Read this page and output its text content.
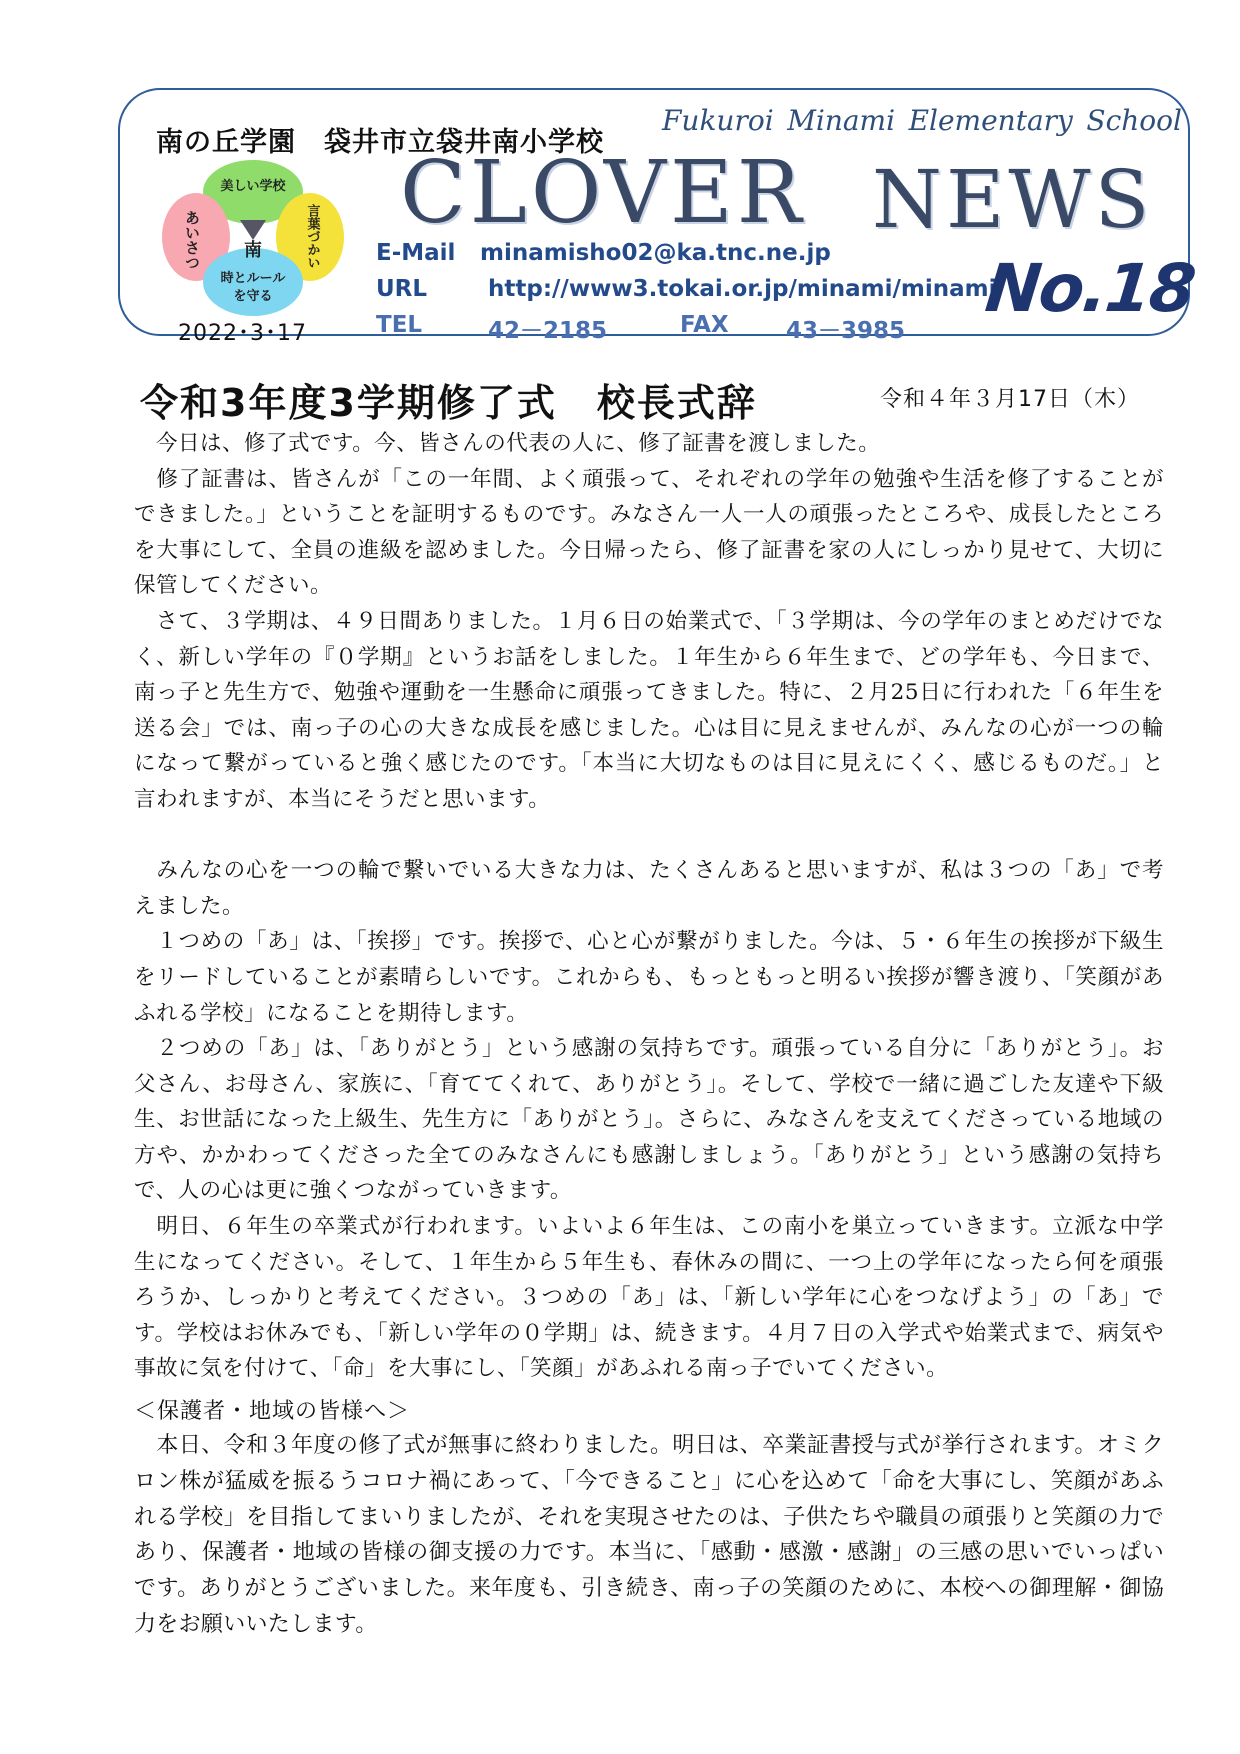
南の丘学園　袋井市立袋井南小学校
Fukuroi Minami Elementary School
CLOVER NEWS
南
美しい学校
あいさつ	言葉づかい
時とルール
を守る
E-Mail minamisho02@ka.tnc.ne.jp
URL	http://www3.tokai.or.jp/minami/minami
TEL	42－2185	FAX 43－3985
No.18
2022･3･17
令和3年度3学期修了式　校長式辞	令和４年３月17日（木）

　今日は、修了式です。今、皆さんの代表の人に、修了証書を渡しました。

　修了証書は、皆さんが「この一年間、よく頑張って、それぞれの学年の勉強や生活を修了することができました。」ということを証明するものです。みなさん一人一人の頑張ったところや、成長したところを大事にして、全員の進級を認めました。今日帰ったら、修了証書を家の人にしっかり見せて、大切に保管してください。

　さて、３学期は、４９日間ありました。１月６日の始業式で、「３学期は、今の学年のまとめだけでなく、新しい学年の『０学期』というお話をしました。１年生から６年生まで、どの学年も、今日まで、南っ子と先生方で、勉強や運動を一生懸命に頑張ってきました。特に、２月25日に行われた「６年生を送る会」では、南っ子の心の大きな成長を感じました。心は目に見えませんが、みんなの心が一つの輪になって繋がっていると強く感じたのです。「本当に大切なものは目に見えにくく、感じるものだ。」と言われますが、本当にそうだと思います。

　みんなの心を一つの輪で繋いでいる大きな力は、たくさんあると思いますが、私は３つの「あ」で考えました。

　１つめの「あ」は、「挨拶」です。挨拶で、心と心が繋がりました。今は、５・６年生の挨拶が下級生をリードしていることが素晴らしいです。これからも、もっともっと明るい挨拶が響き渡り、「笑顔があふれる学校」になることを期待します。

　２つめの「あ」は、「ありがとう」という感謝の気持ちです。頑張っている自分に「ありがとう」。お父さん、お母さん、家族に、「育ててくれて、ありがとう」。そして、学校で一緒に過ごした友達や下級生、お世話になった上級生、先生方に「ありがとう」。さらに、みなさんを支えてくださっている地域の方や、かかわってくださった全てのみなさんにも感謝しましょう。「ありがとう」という感謝の気持ちで、人の心は更に強くつながっていきます。

　明日、６年生の卒業式が行われます。いよいよ６年生は、この南小を巣立っていきます。立派な中学生になってください。そして、１年生から５年生も、春休みの間に、一つ上の学年になったら何を頑張ろうか、しっかりと考えてください。３つめの「あ」は、「新しい学年に心をつなげよう」の「あ」です。学校はお休みでも、「新しい学年の０学期」は、続きます。４月７日の入学式や始業式まで、病気や事故に気を付けて、「命」を大事にし、「笑顔」があふれる南っ子でいてください。

＜保護者・地域の皆様へ＞
　本日、令和３年度の修了式が無事に終わりました。明日は、卒業証書授与式が挙行されます。オミクロン株が猛威を振るうコロナ禍にあって、「今できること」に心を込めて「命を大事にし、笑顔があふれる学校」を目指してまいりましたが、それを実現させたのは、子供たちや職員の頑張りと笑顔の力であり、保護者・地域の皆様の御支援の力です。本当に、「感動・感激・感謝」の三感の思いでいっぱいです。ありがとうございました。来年度も、引き続き、南っ子の笑顔のために、本校への御理解・御協力をお願いいたします。
